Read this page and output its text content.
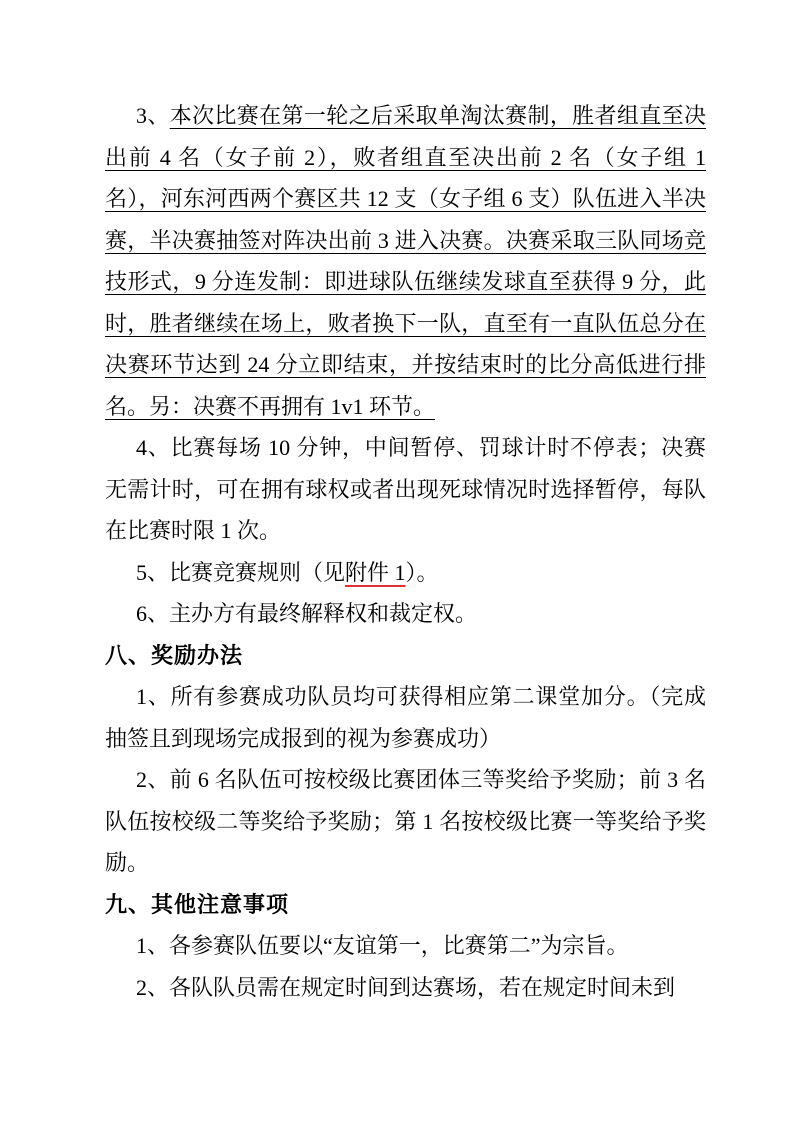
3、本次比赛在第一轮之后采取单淘汰赛制，胜者组直至决出前 4 名（女子前 2），败者组直至决出前 2 名（女子组 1 名），河东河西两个赛区共 12 支（女子组 6 支）队伍进入半决赛，半决赛抽签对阵决出前 3 进入决赛。决赛采取三队同场竞技形式，9 分连发制：即进球队伍继续发球直至获得 9 分，此时，胜者继续在场上，败者换下一队，直至有一直队伍总分在决赛环节达到 24 分立即结束，并按结束时的比分高低进行排名。另：决赛不再拥有 1v1 环节。

4、比赛每场 10 分钟，中间暂停、罚球计时不停表；决赛无需计时，可在拥有球权或者出现死球情况时选择暂停，每队在比赛时限 1 次。

5、比赛竞赛规则（见附件 1）。

6、主办方有最终解释权和裁定权。

八、奖励办法

1、所有参赛成功队员均可获得相应第二课堂加分。（完成抽签且到现场完成报到的视为参赛成功）

2、前 6 名队伍可按校级比赛团体三等奖给予奖励；前 3 名队伍按校级二等奖给予奖励；第 1 名按校级比赛一等奖给予奖励。

九、其他注意事项

1、各参赛队伍要以“友谊第一，比赛第二”为宗旨。

2、各队队员需在规定时间到达赛场，若在规定时间未到
